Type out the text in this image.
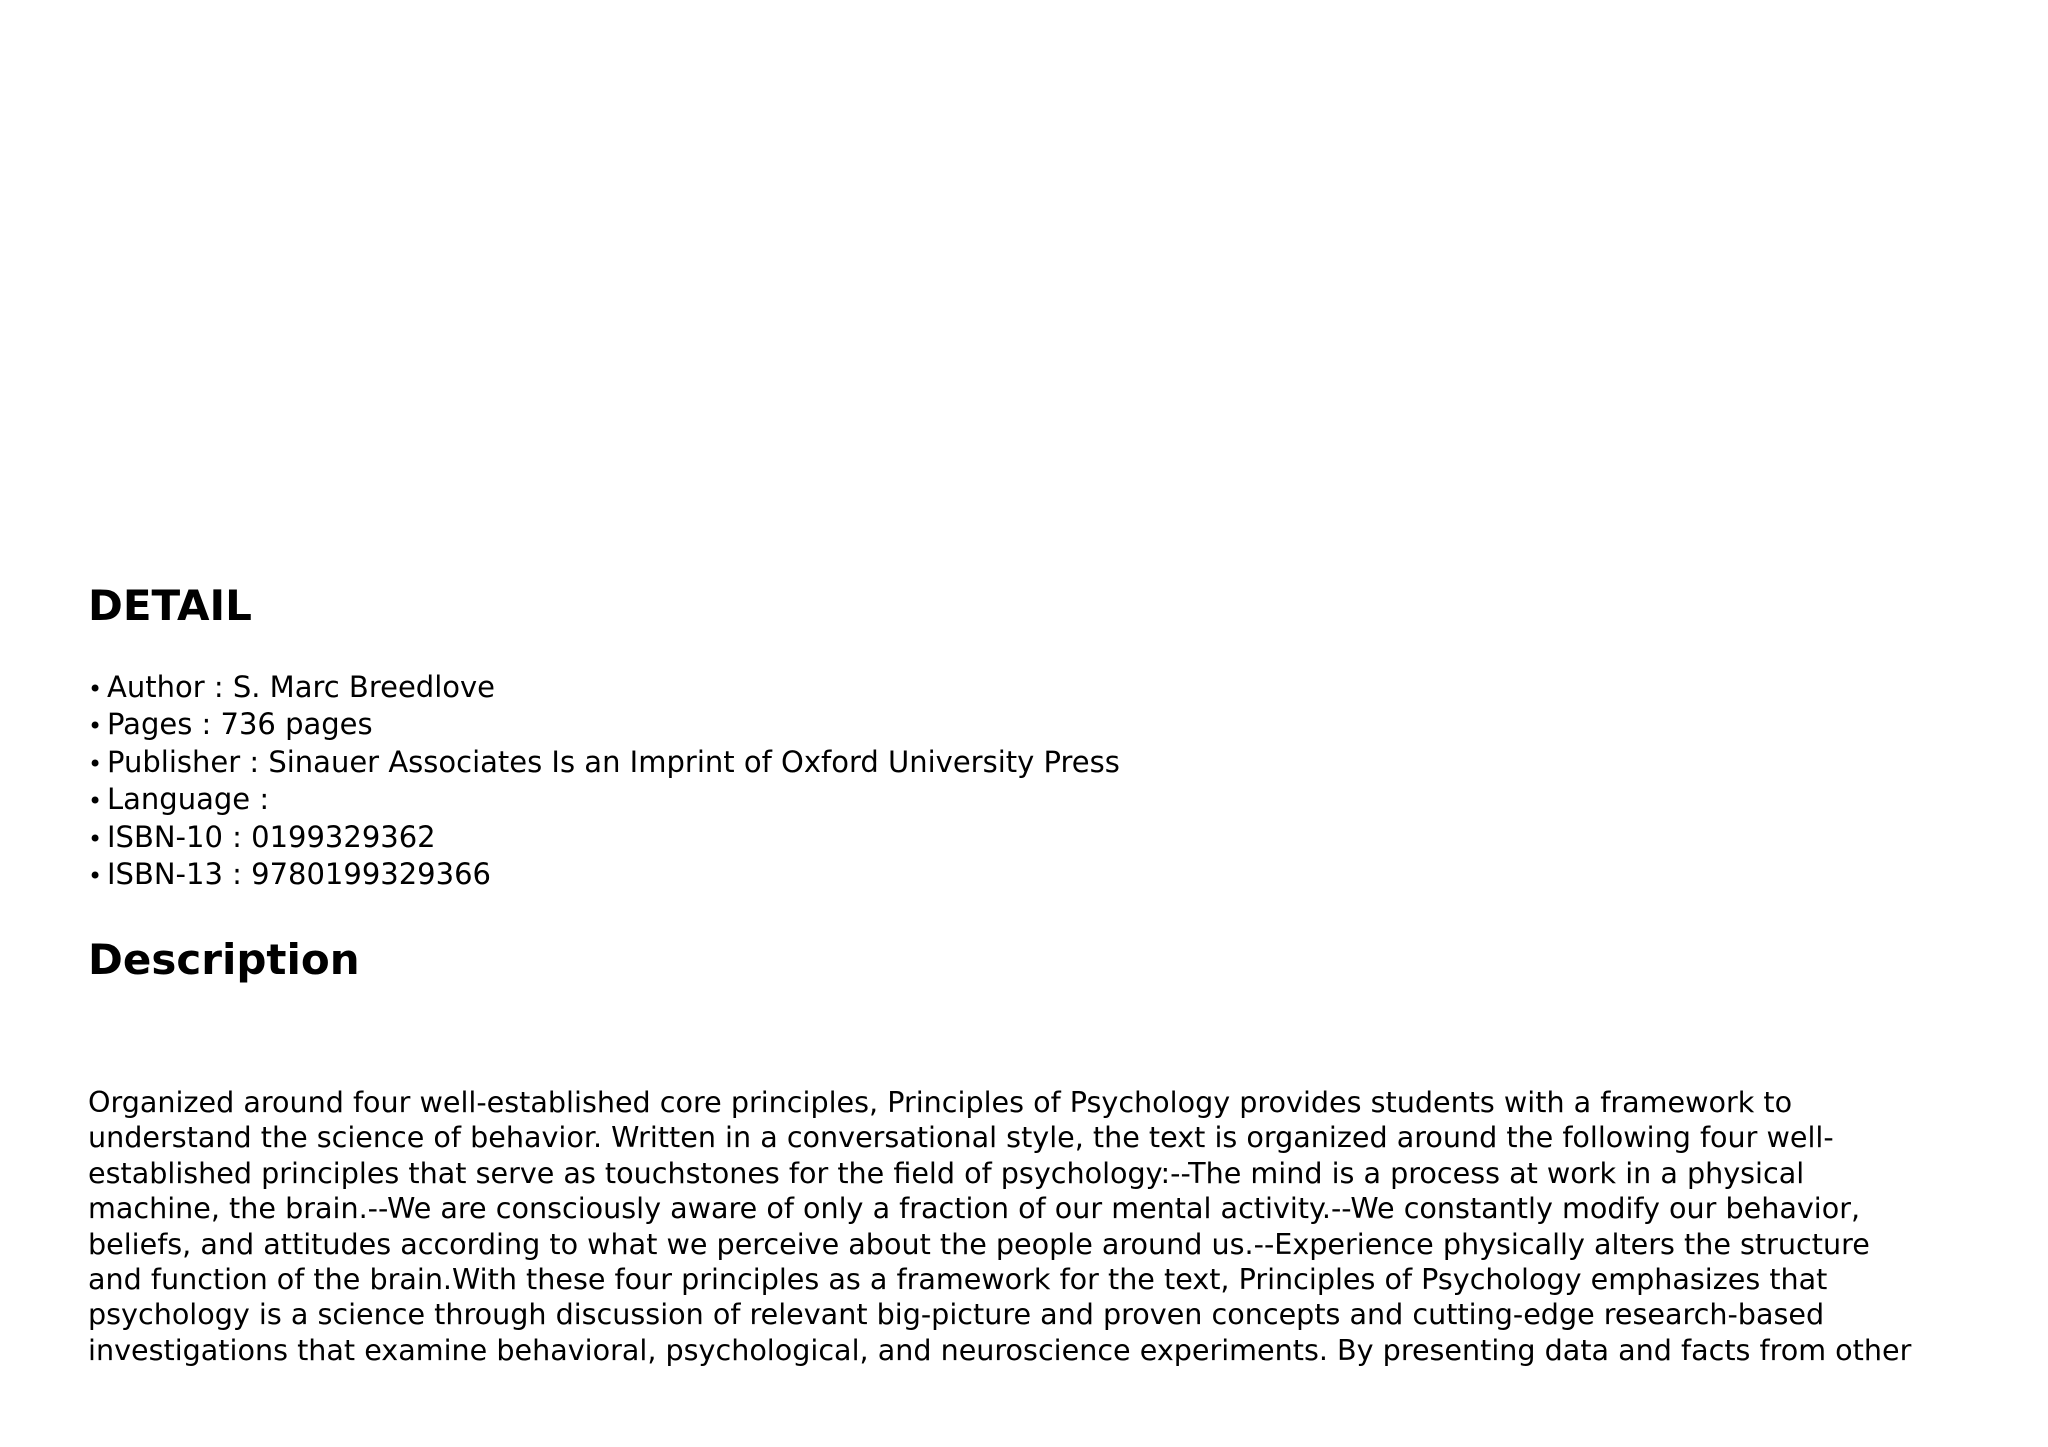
DETAIL
• Author : S. Marc Breedlove
• Pages : 736 pages
• Publisher : Sinauer Associates Is an Imprint of Oxford University Press
• Language :
• ISBN-10 : 0199329362
• ISBN-13 : 9780199329366
Description

Organized around four well-established core principles, Principles of Psychology provides students with a framework to
understand the science of behavior. Written in a conversational style, the text is organized around the following four well-
established principles that serve as touchstones for the field of psychology:--The mind is a process at work in a physical
machine, the brain.--We are consciously aware of only a fraction of our mental activity.--We constantly modify our behavior,
beliefs, and attitudes according to what we perceive about the people around us.--Experience physically alters the structure
and function of the brain.With these four principles as a framework for the text, Principles of Psychology emphasizes that
psychology is a science through discussion of relevant big-picture and proven concepts and cutting-edge research-based
investigations that examine behavioral, psychological, and neuroscience experiments. By presenting data and facts from other
